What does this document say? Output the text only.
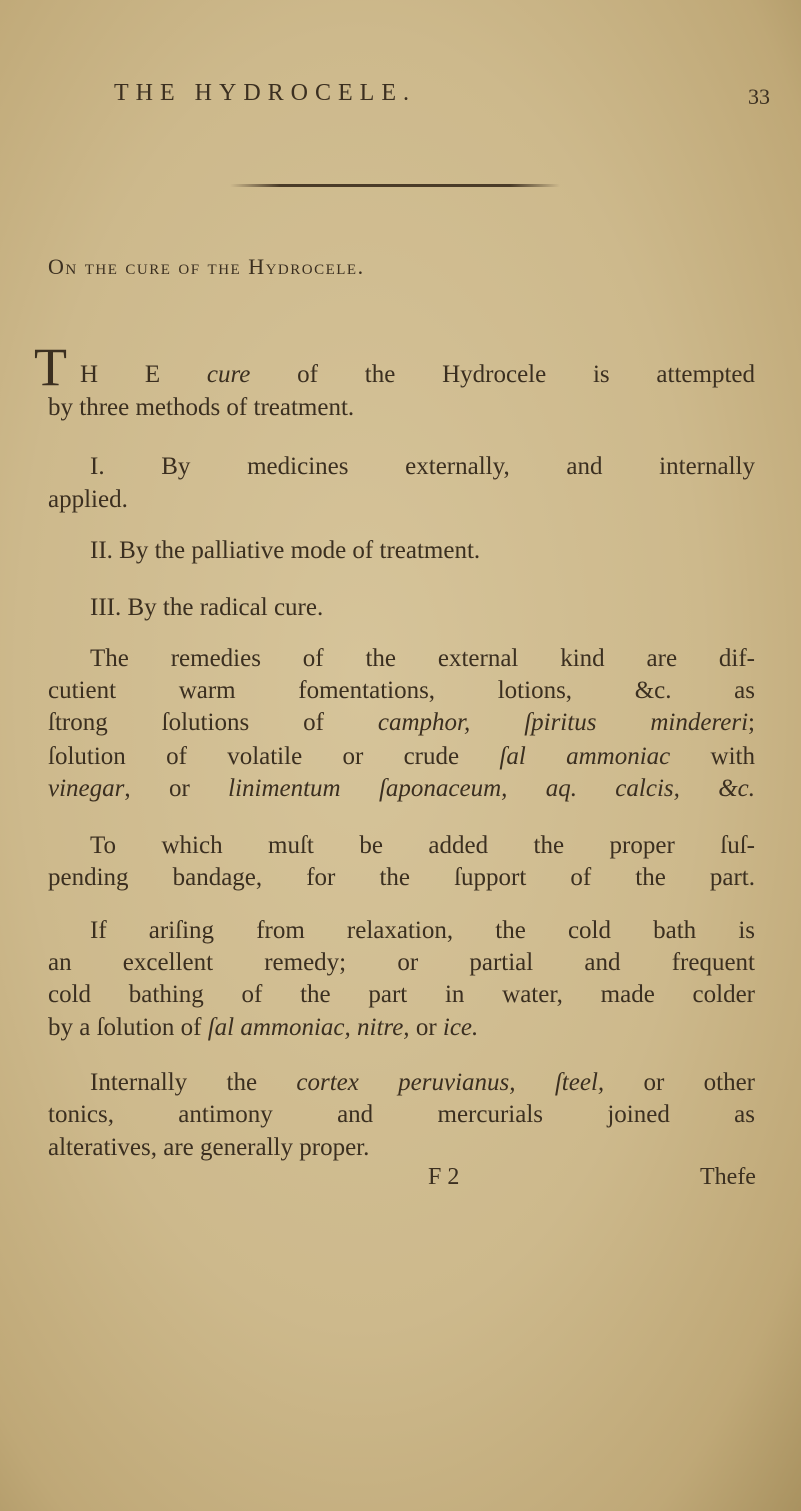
THE HYDROCELE.	33
On the cure of the Hydrocele.
T H E cure of the Hydrocele is attempted
by three methods of treatment.
I. By medicines externally, and internally
applied.
II. By the palliative mode of treatment.
III. By the radical cure.
The remedies of the external kind are dif-
cutient warm fomentations, lotions, &c. as
ſtrong ſolutions of camphor, ſpiritus mindereri;
ſolution of volatile or crude ſal ammoniac with
vinegar, or linimentum ſaponaceum, aq. calcis, &c.
To which muſt be added the proper ſuſ-
pending bandage, for the ſupport of the part.
If ariſing from relaxation, the cold bath is
an excellent remedy; or partial and frequent
cold bathing of the part in water, made colder
by a ſolution of ſal ammoniac, nitre, or ice.
Internally the cortex peruvianus, ſteel, or other
tonics, antimony and mercurials joined as
alteratives, are generally proper.
F 2	Thefe
